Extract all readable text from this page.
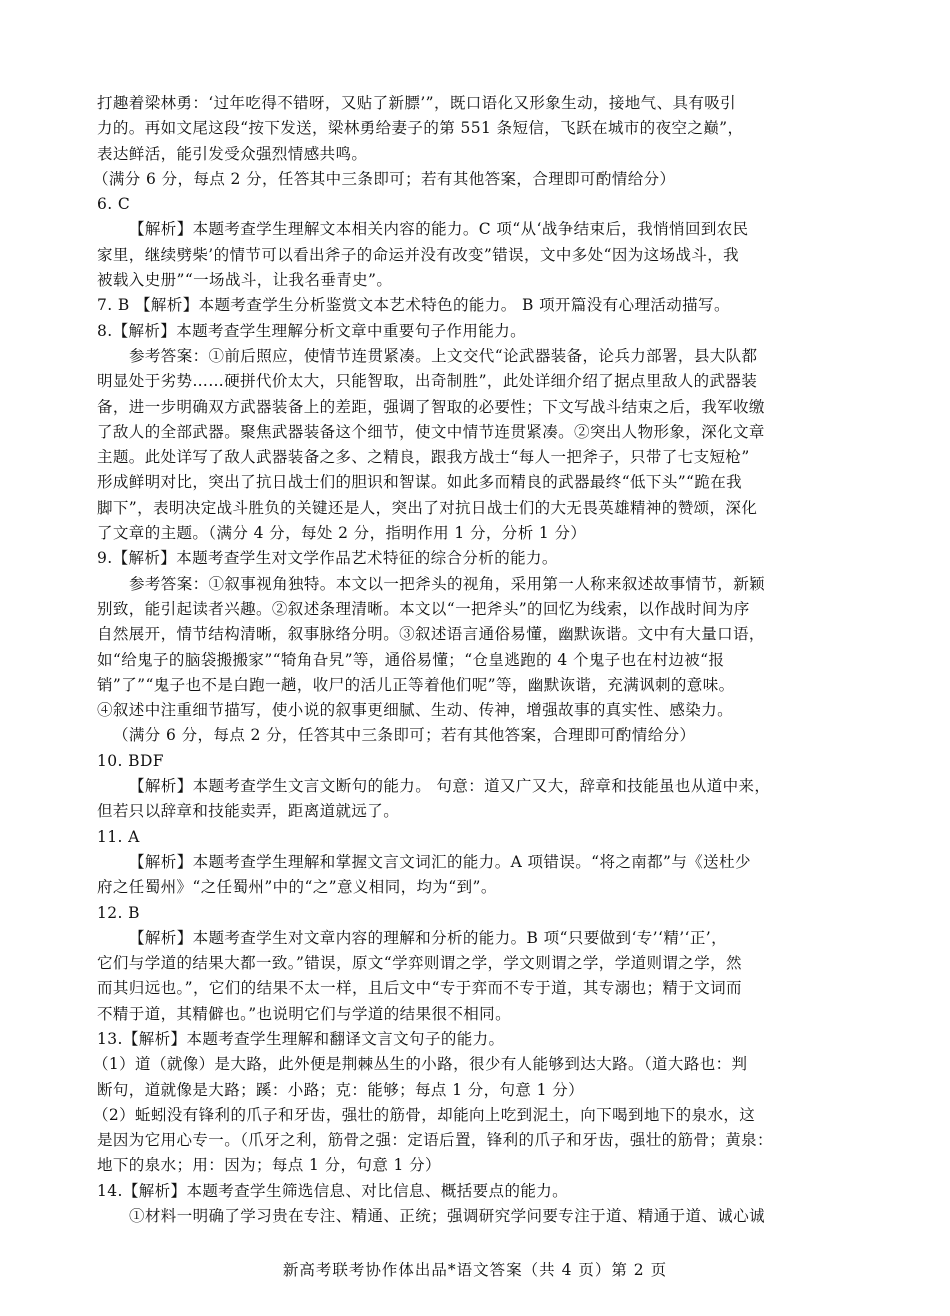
打趣着梁林勇：‘过年吃得不错呀，又贴了新膘’”，既口语化又形象生动，接地气、具有吸引
力的。再如文尾这段“按下发送，梁林勇给妻子的第 551 条短信，飞跃在城市的夜空之巅”，
表达鲜活，能引发受众强烈情感共鸣。
（满分 6 分，每点 2 分，任答其中三条即可；若有其他答案，合理即可酌情给分）
6. C
【解析】本题考查学生理解文本相关内容的能力。C 项“从‘战争结束后，我悄悄回到农民
家里，继续劈柴’的情节可以看出斧子的命运并没有改变”错误，文中多处“因为这场战斗，我
被载入史册”“一场战斗，让我名垂青史”。
7. B 【解析】本题考查学生分析鉴赏文本艺术特色的能力。 B 项开篇没有心理活动描写。
8.【解析】本题考查学生理解分析文章中重要句子作用能力。
参考答案：①前后照应，使情节连贯紧凑。上文交代“论武器装备，论兵力部署，县大队都
明显处于劣势……硬拼代价太大，只能智取，出奇制胜”，此处详细介绍了据点里敌人的武器装
备，进一步明确双方武器装备上的差距，强调了智取的必要性；下文写战斗结束之后，我军收缴
了敌人的全部武器。聚焦武器装备这个细节，使文中情节连贯紧凑。②突出人物形象，深化文章
主题。此处详写了敌人武器装备之多、之精良，跟我方战士“每人一把斧子，只带了七支短枪”
形成鲜明对比，突出了抗日战士们的胆识和智谋。如此多而精良的武器最终“低下头”“跪在我
脚下”，表明决定战斗胜负的关键还是人，突出了对抗日战士们的大无畏英雄精神的赞颂，深化
了文章的主题。（满分 4 分，每处 2 分，指明作用 1 分，分析 1 分）
9.【解析】本题考查学生对文学作品艺术特征的综合分析的能力。
参考答案：①叙事视角独特。本文以一把斧头的视角，采用第一人称来叙述故事情节，新颖
别致，能引起读者兴趣。②叙述条理清晰。本文以“一把斧头”的回忆为线索，以作战时间为序
自然展开，情节结构清晰，叙事脉络分明。③叙述语言通俗易懂，幽默诙谐。文中有大量口语，
如“给鬼子的脑袋搬搬家”“犄角旮旯”等，通俗易懂；“仓皇逃跑的 4 个鬼子也在村边被“报
销”了”“鬼子也不是白跑一趟，收尸的活儿正等着他们呢”等，幽默诙谐，充满讽刺的意味。
④叙述中注重细节描写，使小说的叙事更细腻、生动、传神，增强故事的真实性、感染力。
（满分 6 分，每点 2 分，任答其中三条即可；若有其他答案，合理即可酌情给分）
10. BDF
【解析】本题考查学生文言文断句的能力。 句意：道又广又大，辞章和技能虽也从道中来，
但若只以辞章和技能卖弄，距离道就远了。
11. A
【解析】本题考查学生理解和掌握文言文词汇的能力。A 项错误。“将之南都”与《送杜少
府之任蜀州》“之任蜀州”中的“之”意义相同，均为“到”。
12. B
【解析】本题考查学生对文章内容的理解和分析的能力。B 项“只要做到‘专’‘精’‘正’，
它们与学道的结果大都一致。”错误，原文“学弈则谓之学，学文则谓之学，学道则谓之学，然
而其归远也。”，它们的结果不太一样，且后文中“专于弈而不专于道，其专溺也；精于文词而
不精于道，其精僻也。”也说明它们与学道的结果很不相同。
13.【解析】本题考查学生理解和翻译文言文句子的能力。
（1）道（就像）是大路，此外便是荆棘丛生的小路，很少有人能够到达大路。（道大路也：判
断句，道就像是大路；蹊：小路；克：能够；每点 1 分，句意 1 分）
（2）蚯蚓没有锋利的爪子和牙齿，强壮的筋骨，却能向上吃到泥土，向下喝到地下的泉水，这
是因为它用心专一。（爪牙之利，筋骨之强：定语后置，锋利的爪子和牙齿，强壮的筋骨；黄泉：
地下的泉水；用：因为；每点 1 分，句意 1 分）
14.【解析】本题考查学生筛选信息、对比信息、概括要点的能力。
①材料一明确了学习贵在专注、精通、正统；强调研究学问要专注于道、精通于道、诚心诚
新高考联考协作体出品*语文答案（共 4 页）第 2 页
